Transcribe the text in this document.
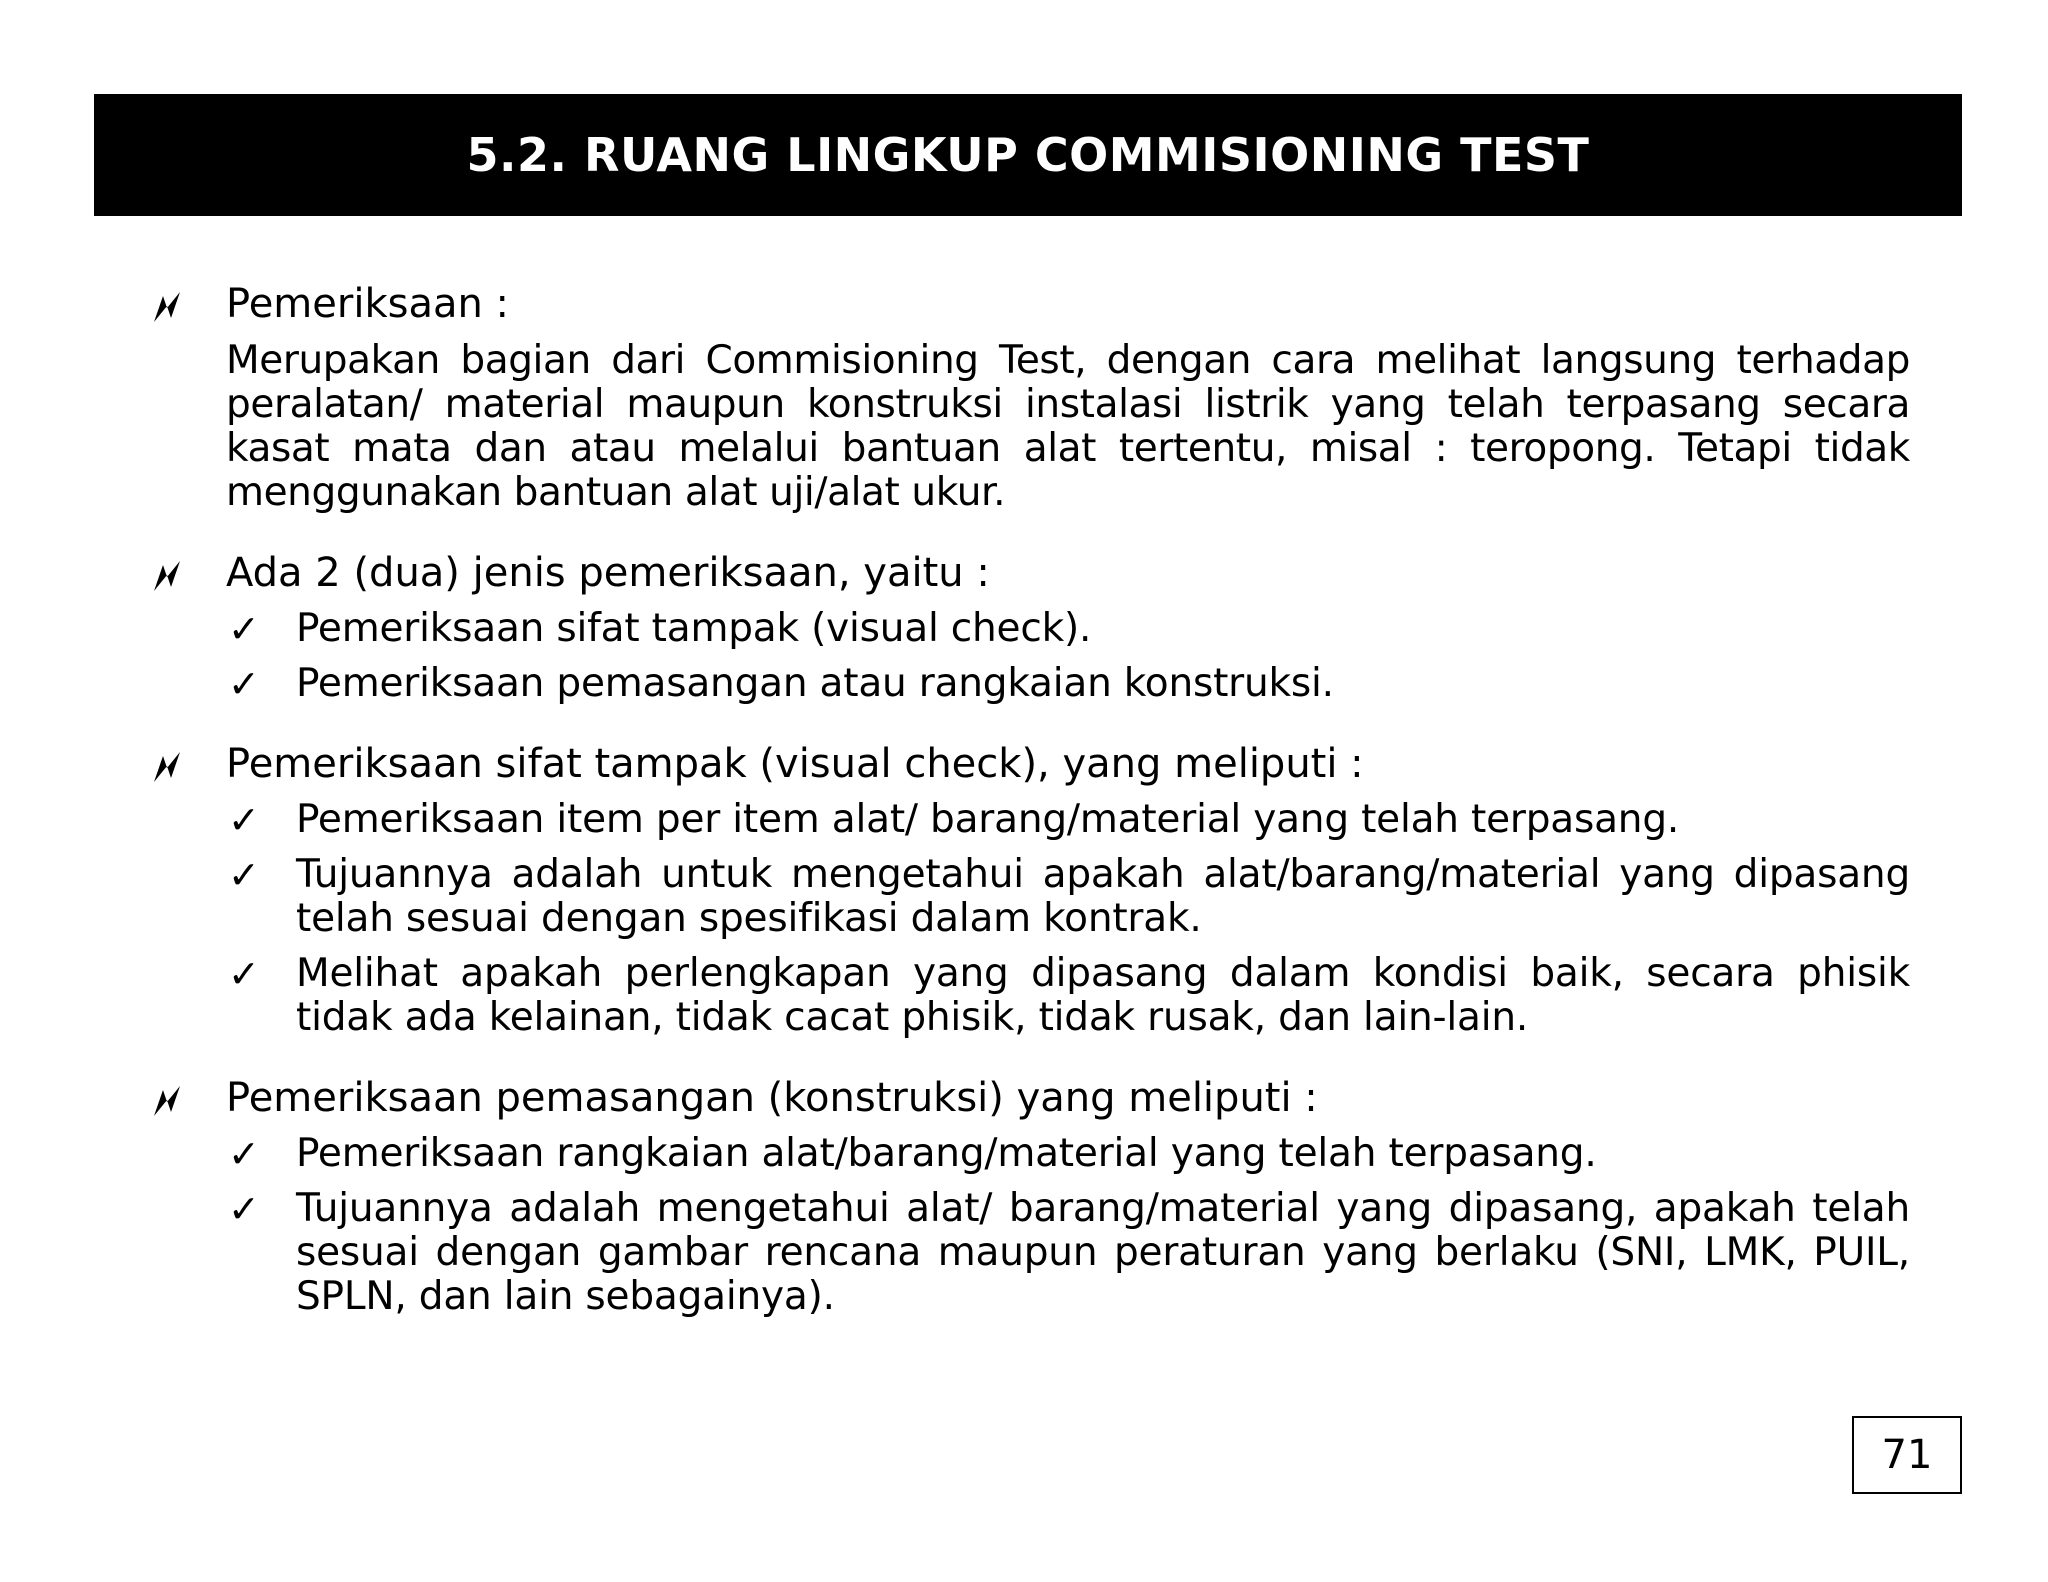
5.2. RUANG LINGKUP COMMISIONING TEST
Pemeriksaan :
Merupakan bagian dari Commisioning Test, dengan cara melihat langsung terhadap peralatan/ material maupun konstruksi instalasi listrik yang telah terpasang secara kasat mata dan atau melalui bantuan alat tertentu, misal : teropong. Tetapi tidak menggunakan bantuan alat uji/alat ukur.
Ada 2 (dua) jenis pemeriksaan, yaitu :
✓ Pemeriksaan sifat tampak (visual check).
✓ Pemeriksaan pemasangan atau rangkaian konstruksi.
Pemeriksaan sifat tampak (visual check), yang meliputi :
✓ Pemeriksaan item per item alat/ barang/material yang telah terpasang.
✓ Tujuannya adalah untuk mengetahui apakah alat/barang/material yang dipasang telah sesuai dengan spesifikasi dalam kontrak.
✓ Melihat apakah perlengkapan yang dipasang dalam kondisi baik, secara phisik tidak ada kelainan, tidak cacat phisik, tidak rusak, dan lain-lain.
Pemeriksaan pemasangan (konstruksi) yang meliputi :
✓ Pemeriksaan rangkaian alat/barang/material yang telah terpasang.
✓ Tujuannya adalah mengetahui alat/ barang/material yang dipasang, apakah telah sesuai dengan gambar rencana maupun peraturan yang berlaku (SNI, LMK, PUIL, SPLN, dan lain sebagainya).
71
